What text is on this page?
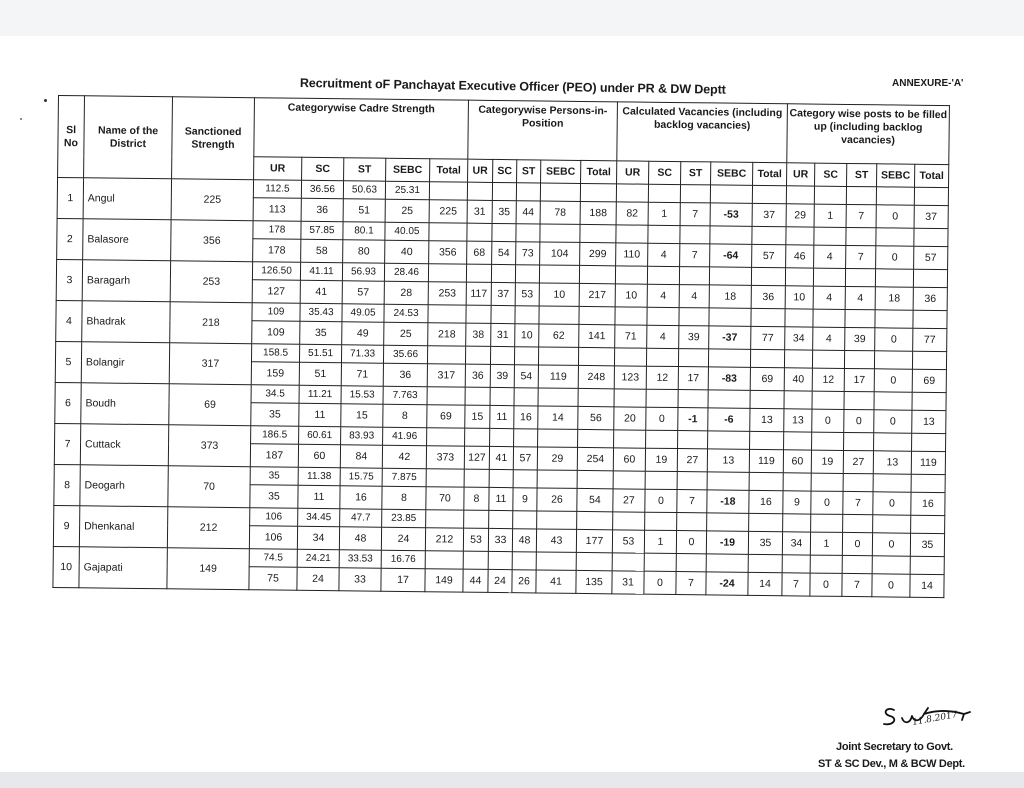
Recruitment oF Panchayat Executive Officer (PEO) under PR & DW Deptt	ANNEXURE-'A'
Sl No	Name of the District	Sanctioned Strength	Categorywise Cadre Strength					Categorywise Persons-in-Position					Calculated Vacancies (including backlog vacancies)					Category wise posts to be filled up (including backlog vacancies)				
			UR	SC	ST	SEBC	Total	UR	SC	ST	SEBC	Total	UR	SC	ST	SEBC	Total	UR	SC	ST	SEBC	Total
1	Angul	225	112.5	36.56	50.63	25.31																
			113	36	51	25	225	31	35	44	78	188	82	1	7	-53	37	29	1	7	0	37
2	Balasore	356	178	57.85	80.1	40.05																
			178	58	80	40	356	68	54	73	104	299	110	4	7	-64	57	46	4	7	0	57
3	Baragarh	253	126.50	41.11	56.93	28.46																
			127	41	57	28	253	117	37	53	10	217	10	4	4	18	36	10	4	4	18	36
4	Bhadrak	218	109	35.43	49.05	24.53																
			109	35	49	25	218	38	31	10	62	141	71	4	39	-37	77	34	4	39	0	77
5	Bolangir	317	158.5	51.51	71.33	35.66																
			159	51	71	36	317	36	39	54	119	248	123	12	17	-83	69	40	12	17	0	69
6	Boudh	69	34.5	11.21	15.53	7.763																
			35	11	15	8	69	15	11	16	14	56	20	0	-1	-6	13	13	0	0	0	13
7	Cuttack	373	186.5	60.61	83.93	41.96																
			187	60	84	42	373	127	41	57	29	254	60	19	27	13	119	60	19	27	13	119
8	Deogarh	70	35	11.38	15.75	7.875																
			35	11	16	8	70	8	11	9	26	54	27	0	7	-18	16	9	0	7	0	16
9	Dhenkanal	212	106	34.45	47.7	23.85																
			106	34	48	24	212	53	33	48	43	177	53	1	0	-19	35	34	1	0	0	35
10	Gajapati	149	74.5	24.21	33.53	16.76																
			75	24	33	17	149	44	24	26	41	135	31	0	7	-24	14	7	0	7	0	14
11.8.2017
Joint Secretary to Govt.
ST & SC Dev., M & BCW Dept.
